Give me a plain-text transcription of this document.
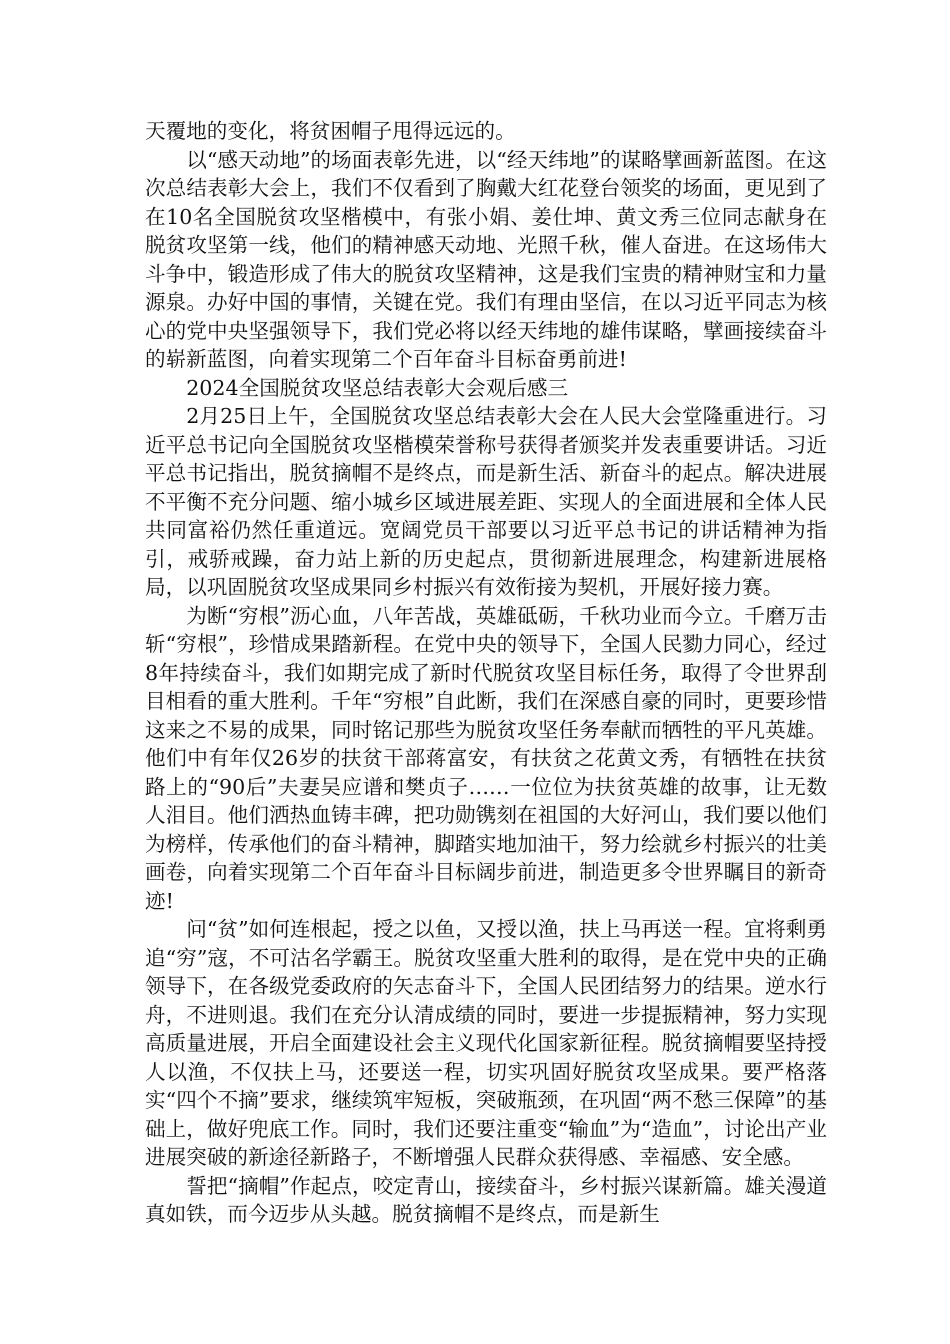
天覆地的变化，将贫困帽子甩得远远的。

以“感天动地”的场面表彰先进，以“经天纬地”的谋略擘画新蓝图。在这次总结表彰大会上，我们不仅看到了胸戴大红花登台领奖的场面，更见到了在10名全国脱贫攻坚楷模中，有张小娟、姜仕坤、黄文秀三位同志献身在脱贫攻坚第一线，他们的精神感天动地、光照千秋，催人奋进。在这场伟大斗争中，锻造形成了伟大的脱贫攻坚精神，这是我们宝贵的精神财宝和力量源泉。办好中国的事情，关键在党。我们有理由坚信，在以习近平同志为核心的党中央坚强领导下，我们党必将以经天纬地的雄伟谋略，擘画接续奋斗的崭新蓝图，向着实现第二个百年奋斗目标奋勇前进!

2024全国脱贫攻坚总结表彰大会观后感三

2月25日上午，全国脱贫攻坚总结表彰大会在人民大会堂隆重进行。习近平总书记向全国脱贫攻坚楷模荣誉称号获得者颁奖并发表重要讲话。习近平总书记指出，脱贫摘帽不是终点，而是新生活、新奋斗的起点。解决进展不平衡不充分问题、缩小城乡区域进展差距、实现人的全面进展和全体人民共同富裕仍然任重道远。宽阔党员干部要以习近平总书记的讲话精神为指引，戒骄戒躁，奋力站上新的历史起点，贯彻新进展理念，构建新进展格局，以巩固脱贫攻坚成果同乡村振兴有效衔接为契机，开展好接力赛。

为断“穷根”沥心血，八年苦战，英雄砥砺，千秋功业而今立。千磨万击斩“穷根”，珍惜成果踏新程。在党中央的领导下，全国人民勠力同心，经过8年持续奋斗，我们如期完成了新时代脱贫攻坚目标任务，取得了令世界刮目相看的重大胜利。千年“穷根”自此断，我们在深感自豪的同时，更要珍惜这来之不易的成果，同时铭记那些为脱贫攻坚任务奉献而牺牲的平凡英雄。他们中有年仅26岁的扶贫干部蒋富安，有扶贫之花黄文秀，有牺牲在扶贫路上的“90后”夫妻吴应谱和樊贞子……一位位为扶贫英雄的故事，让无数人泪目。他们洒热血铸丰碑，把功勋镌刻在祖国的大好河山，我们要以他们为榜样，传承他们的奋斗精神，脚踏实地加油干，努力绘就乡村振兴的壮美画卷，向着实现第二个百年奋斗目标阔步前进，制造更多令世界瞩目的新奇迹!

问“贫”如何连根起，授之以鱼，又授以渔，扶上马再送一程。宜将剩勇追“穷”寇，不可沽名学霸王。脱贫攻坚重大胜利的取得，是在党中央的正确领导下，在各级党委政府的矢志奋斗下，全国人民团结努力的结果。逆水行舟，不进则退。我们在充分认清成绩的同时，要进一步提振精神，努力实现高质量进展，开启全面建设社会主义现代化国家新征程。脱贫摘帽要坚持授人以渔，不仅扶上马，还要送一程，切实巩固好脱贫攻坚成果。要严格落实“四个不摘”要求，继续筑牢短板，突破瓶颈，在巩固“两不愁三保障”的基础上，做好兜底工作。同时，我们还要注重变“输血”为“造血”，讨论出产业进展突破的新途径新路子，不断增强人民群众获得感、幸福感、安全感。

誓把“摘帽”作起点，咬定青山，接续奋斗，乡村振兴谋新篇。雄关漫道真如铁，而今迈步从头越。脱贫摘帽不是终点，而是新生
